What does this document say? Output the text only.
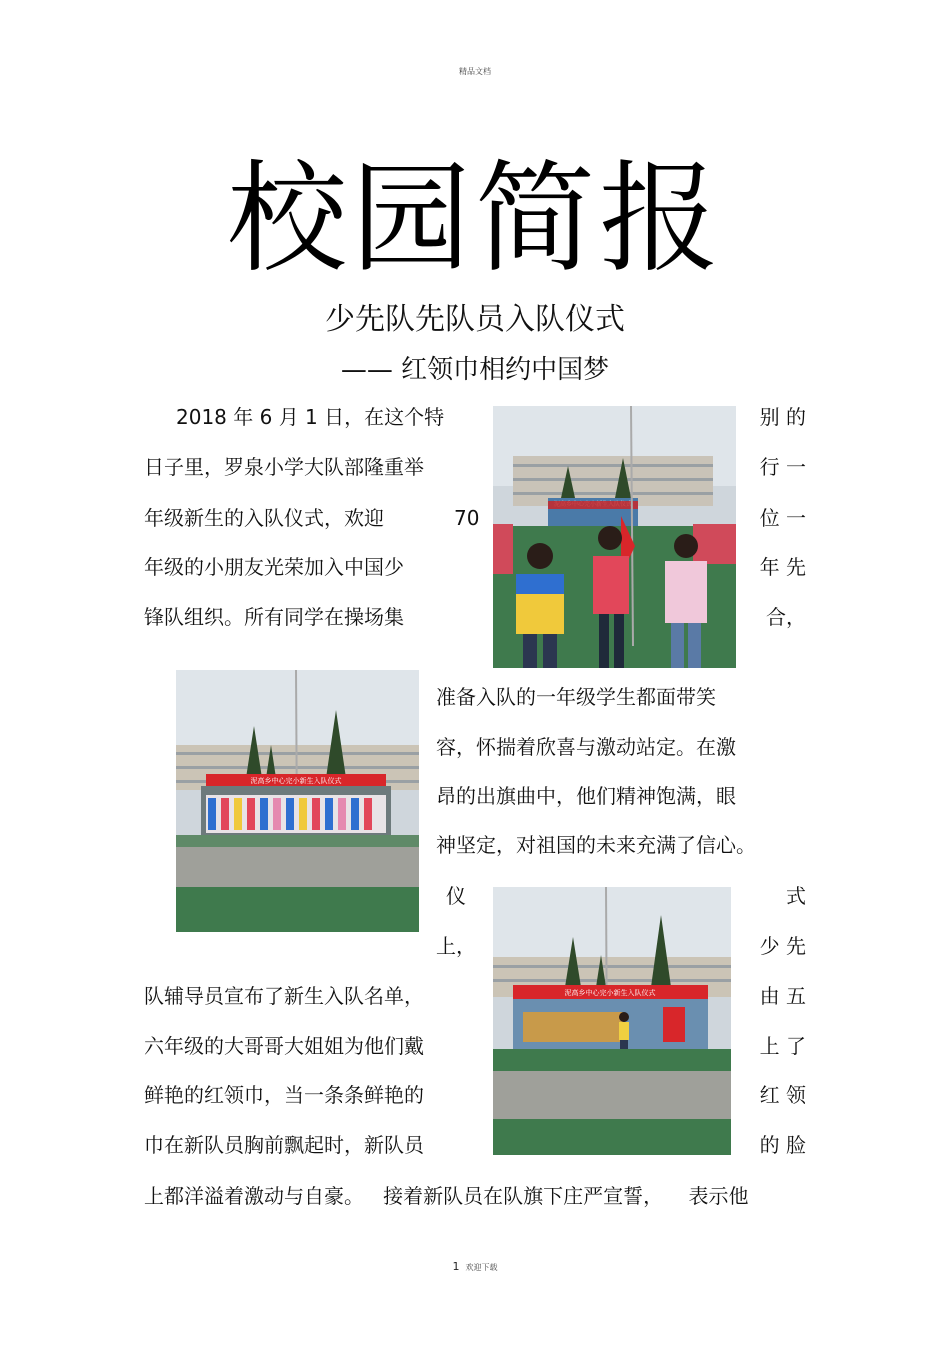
精品文档
校园简报
少先队先队员入队仪式
—— 红领巾相约中国梦
2018 年 6 月 1 日，在这个特	别 的
日子里，罗泉小学大队部隆重举	行 一
年级新生的入队仪式，欢迎	70	位 一
年级的小朋友光荣加入中国少	年 先
锋队组织。所有同学在操场集	合，
泥高乡中心完小新生入队仪式
准备入队的一年级学生都面带笑
容，怀揣着欣喜与激动站定。在激
昂的出旗曲中，他们精神饱满，眼
神坚定，对祖国的未来充满了信心。
仪	式
上，	少 先
队辅导员宣布了新生入队名单，	由 五
六年级的大哥哥大姐姐为他们戴	上 了
鲜艳的红领巾，当一条条鲜艳的	红 领
巾在新队员胸前飘起时，新队员	的 脸
上都洋溢着激动与自豪。   接着新队员在队旗下庄严宣誓，    表示他
泥高乡中心完小新生入队仪式
1 欢迎下载
